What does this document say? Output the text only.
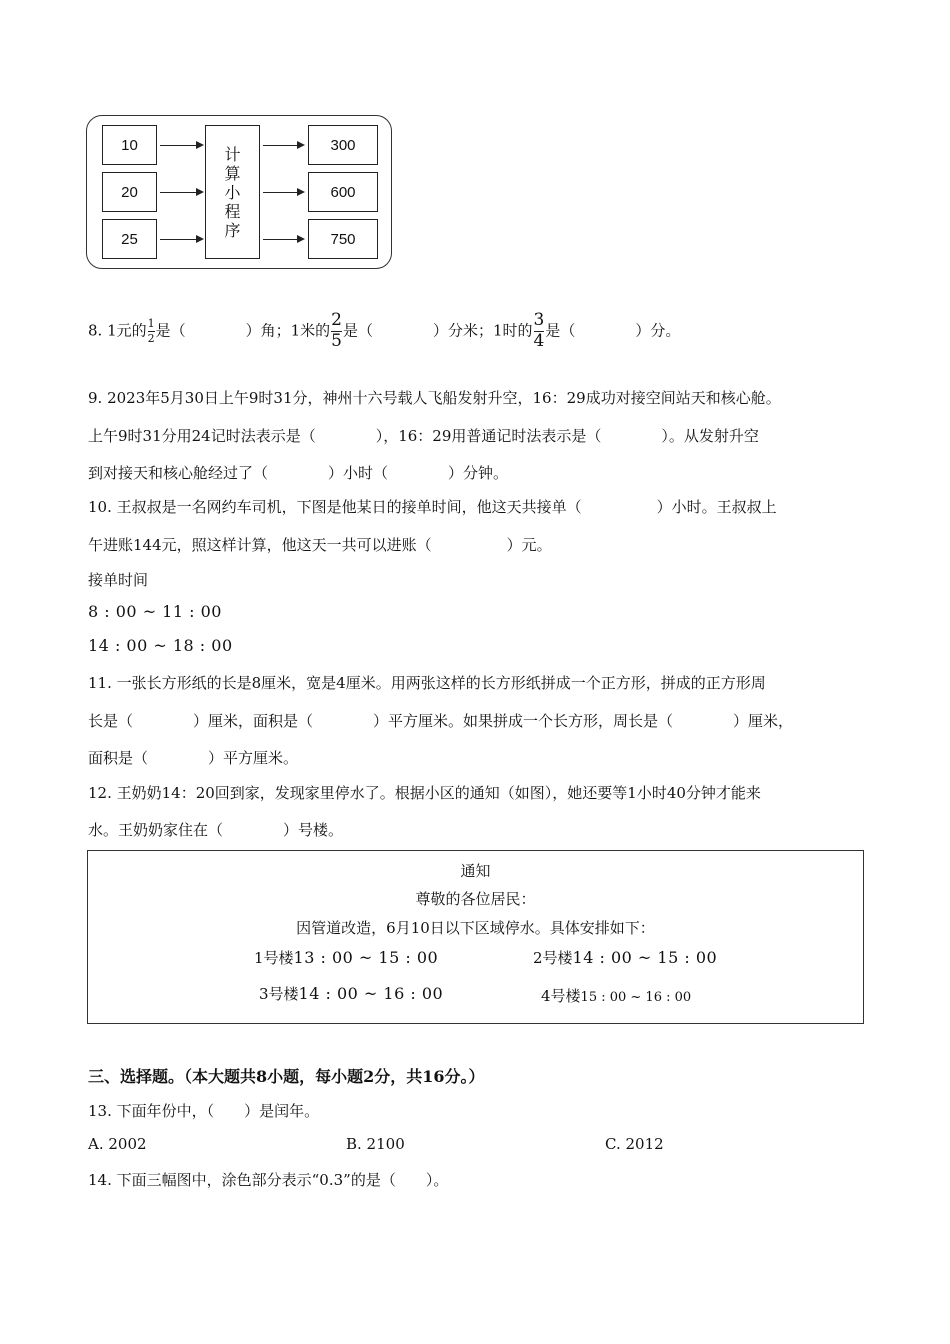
10
20
25
计
算
小
程
序
300
600
750
8. 1元的 $\frac{1}{2}$ 是（　　　　）角；1米的 $\frac{2}{5}$ 是（　　　　）分米；1时的 $\frac{3}{4}$ 是（　　　　）分。
9. 2023年5月30日上午9时31分，神州十六号载人飞船发射升空，16：29成功对接空间站天和核心舱。
上午9时31分用24记时法表示是（　　　　），16：29用普通记时法表示是（　　　　）。从发射升空
到对接天和核心舱经过了（　　　　）小时（　　　　）分钟。
10. 王叔叔是一名网约车司机，下图是他某日的接单时间，他这天共接单（　　　　　）小时。王叔叔上
午进账144元，照这样计算，他这天一共可以进账（　　　　　）元。
接单时间
8 : 00 ~ 11 : 00
14 : 00 ~ 18 : 00
11. 一张长方形纸的长是8厘米，宽是4厘米。用两张这样的长方形纸拼成一个正方形，拼成的正方形周
长是（　　　　）厘米，面积是（　　　　）平方厘米。如果拼成一个长方形，周长是（　　　　）厘米，
面积是（　　　　）平方厘米。
12. 王奶奶14：20回到家，发现家里停水了。根据小区的通知（如图），她还要等1小时40分钟才能来
水。王奶奶家住在（　　　　）号楼。
通知
尊敬的各位居民：
因管道改造，6月10日以下区域停水。具体安排如下：
1号楼13 : 00 ~ 15 : 00	2号楼14 : 00 ~ 15 : 00
3号楼14 : 00 ~ 16 : 00	4号楼15 : 00 ~ 16 : 00
三、选择题。（本大题共8小题，每小题2分，共16分。）
13. 下面年份中，（　　）是闰年。
A. 2002	B. 2100	C. 2012
14. 下面三幅图中，涂色部分表示“0.3”的是（　　）。
